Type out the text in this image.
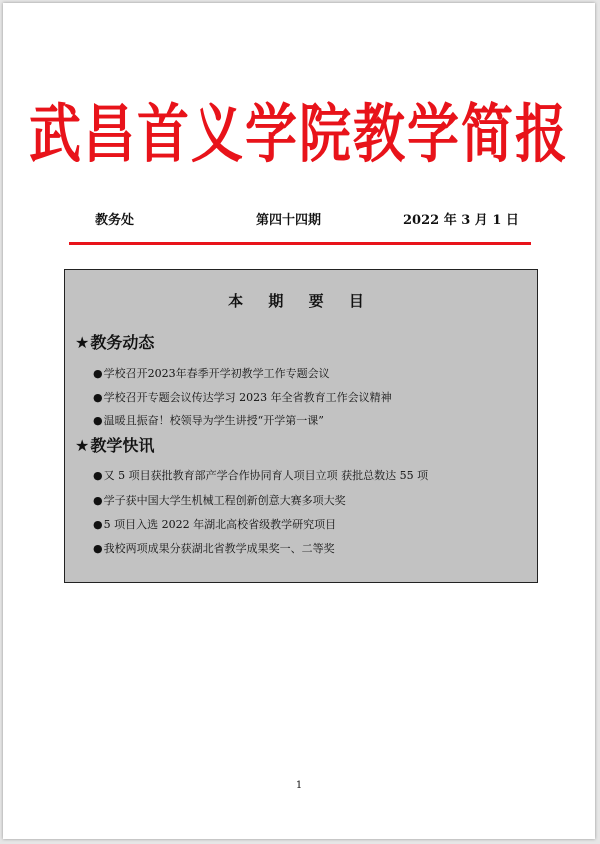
武昌首义学院教学简报
教务处	第四十四期	2022 年 3 月 1 日
本 期 要 目
★教务动态
●学校召开2023年春季开学初教学工作专题会议
●学校召开专题会议传达学习 2023 年全省教育工作会议精神
●温暖且振奋！校领导为学生讲授“开学第一课”
★教学快讯
●又 5 项目获批教育部产学合作协同育人项目立项 获批总数达 55 项
●学子获中国大学生机械工程创新创意大赛多项大奖
●5 项目入选 2022 年湖北高校省级教学研究项目
●我校两项成果分获湖北省教学成果奖一、二等奖
1
